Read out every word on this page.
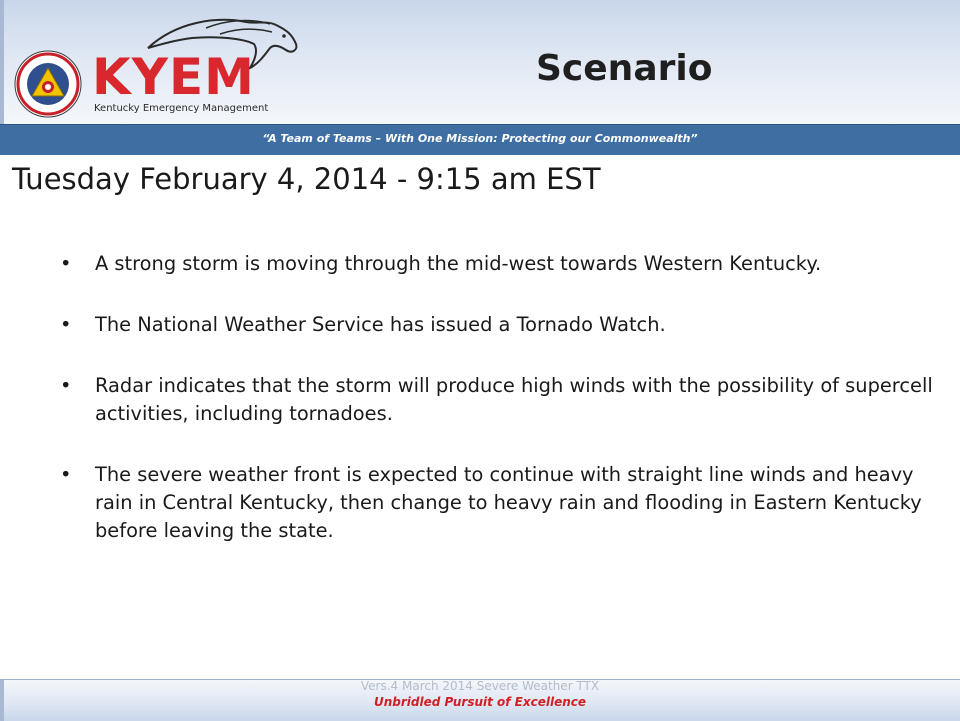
KYEM
Kentucky Emergency Management
Scenario
“A Team of Teams – With One Mission: Protecting our Commonwealth”
Tuesday February 4, 2014 - 9:15 am EST
•	A strong storm is moving through the mid-west towards Western Kentucky.
•	The National Weather Service has issued a Tornado Watch.
•	Radar indicates that the storm will produce high winds with the possibility of supercell activities, including tornadoes.
•	The severe weather front is expected to continue with straight line winds and heavy rain in Central Kentucky, then change to heavy rain and flooding in Eastern Kentucky before leaving the state.
Vers.4 March 2014 Severe Weather TTX
Unbridled Pursuit of Excellence
